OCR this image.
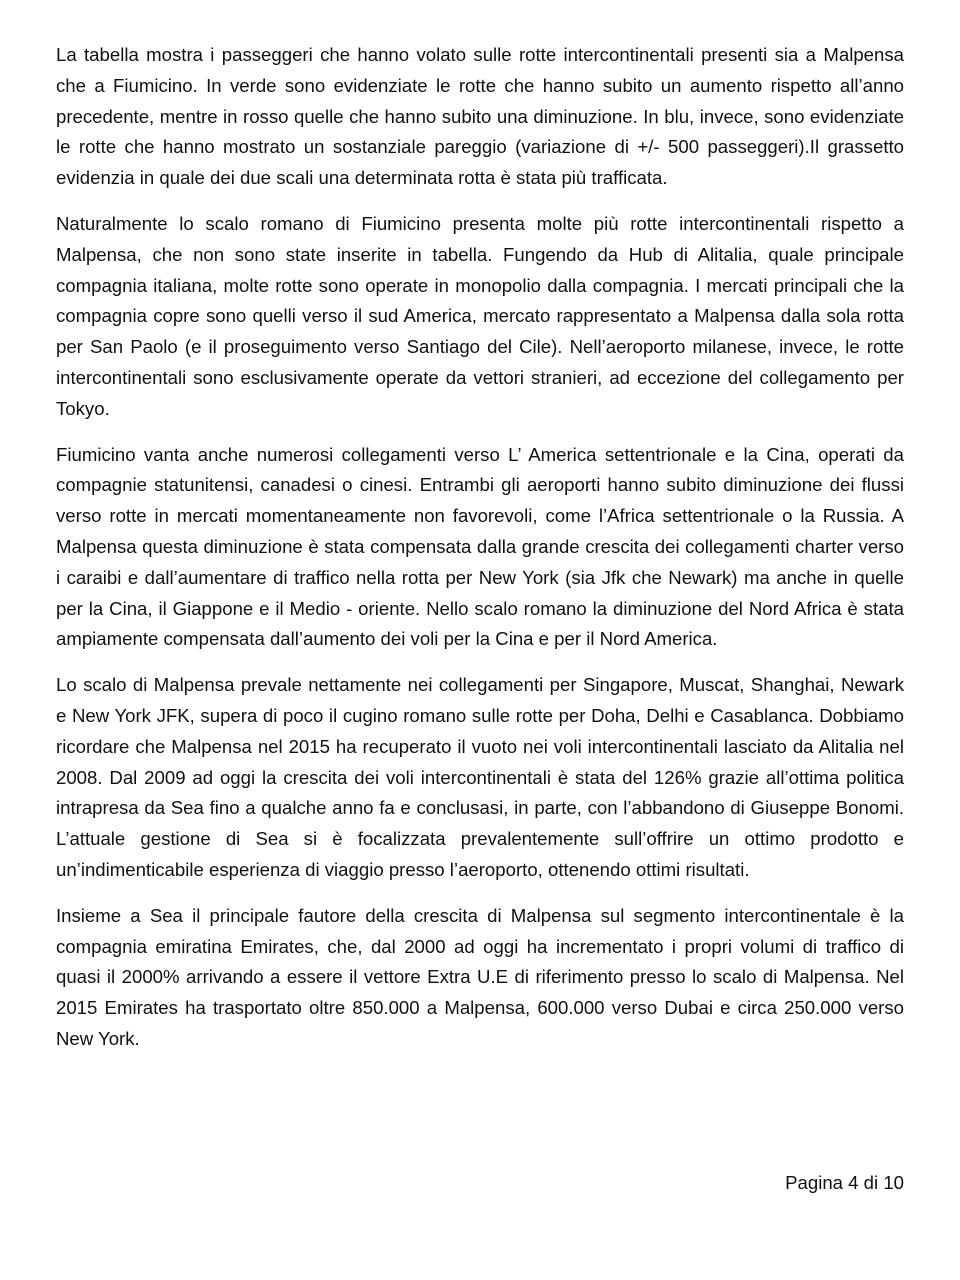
La tabella mostra i passeggeri che hanno volato sulle rotte intercontinentali presenti sia a Malpensa che a Fiumicino. In verde sono evidenziate le rotte che hanno subito un aumento rispetto all’anno precedente, mentre in rosso quelle che hanno subito una diminuzione. In blu, invece, sono evidenziate le rotte che hanno mostrato un sostanziale pareggio (variazione di +/- 500 passeggeri).Il grassetto evidenzia in quale dei due scali una determinata rotta è stata più trafficata.

Naturalmente lo scalo romano di Fiumicino presenta molte più rotte intercontinentali rispetto a Malpensa, che non sono state inserite in tabella. Fungendo da Hub di Alitalia, quale principale compagnia italiana, molte rotte sono operate in monopolio dalla compagnia. I mercati principali che la compagnia copre sono quelli verso il sud America, mercato rappresentato a Malpensa dalla sola rotta per San Paolo (e il proseguimento verso Santiago del Cile). Nell’aeroporto milanese, invece, le rotte intercontinentali sono esclusivamente operate da vettori stranieri, ad eccezione del collegamento per Tokyo.

Fiumicino vanta anche numerosi collegamenti verso L’ America settentrionale e la Cina, operati da compagnie statunitensi, canadesi o cinesi. Entrambi gli aeroporti hanno subito diminuzione dei flussi verso rotte in mercati momentaneamente non favorevoli, come l’Africa settentrionale o la Russia. A Malpensa questa diminuzione è stata compensata dalla grande crescita dei collegamenti charter verso i caraibi e dall’aumentare di traffico nella rotta per New York (sia Jfk che Newark) ma anche in quelle per la Cina, il Giappone e il Medio - oriente. Nello scalo romano la diminuzione del Nord Africa è stata ampiamente compensata dall’aumento dei voli per la Cina e per il Nord America.

Lo scalo di Malpensa prevale nettamente nei collegamenti per Singapore, Muscat, Shanghai, Newark e New York JFK, supera di poco il cugino romano sulle rotte per Doha, Delhi e Casablanca. Dobbiamo ricordare che Malpensa nel 2015 ha recuperato il vuoto nei voli intercontinentali lasciato da Alitalia nel 2008. Dal 2009 ad oggi la crescita dei voli intercontinentali è stata del 126% grazie all’ottima politica intrapresa da Sea fino a qualche anno fa e conclusasi, in parte, con l’abbandono di Giuseppe Bonomi. L’attuale gestione di Sea si è focalizzata prevalentemente sull’offrire un ottimo prodotto e un’indimenticabile esperienza di viaggio presso l’aeroporto, ottenendo ottimi risultati.

Insieme a Sea il principale fautore della crescita di Malpensa sul segmento intercontinentale è la compagnia emiratina Emirates, che, dal 2000 ad oggi ha incrementato i propri volumi di traffico di quasi il 2000% arrivando a essere il vettore Extra U.E di riferimento presso lo scalo di Malpensa. Nel 2015 Emirates ha trasportato oltre 850.000 a Malpensa, 600.000 verso Dubai e circa 250.000 verso New York.

Pagina 4 di 10
